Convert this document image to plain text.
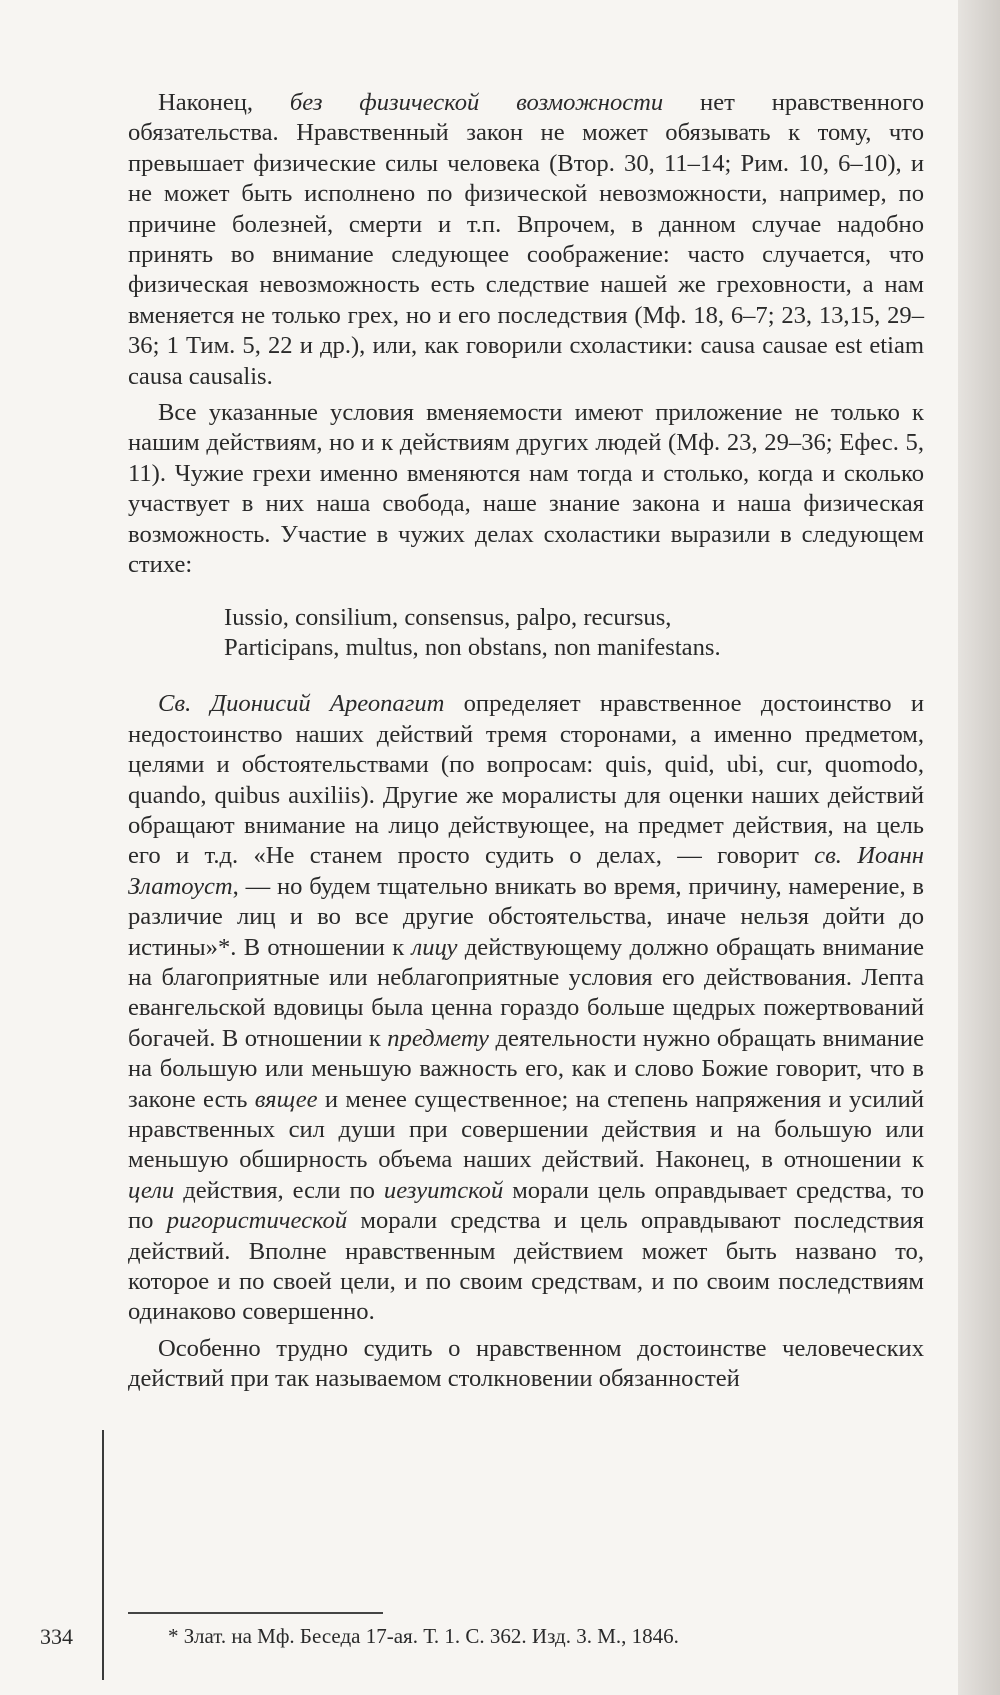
Наконец, без физической возможности нет нравственного обязательства. Нравственный закон не может обязывать к тому, что превышает физические силы человека (Втор. 30, 11–14; Рим. 10, 6–10), и не может быть исполнено по физической невозможности, например, по причине болезней, смерти и т.п. Впрочем, в данном случае надобно принять во внимание следующее соображение: часто случается, что физическая невозможность есть следствие нашей же греховности, а нам вменяется не только грех, но и его последствия (Мф. 18, 6–7; 23, 13,15, 29–36; 1 Тим. 5, 22 и др.), или, как говорили схоластики: causa causae est etiam causa causalis.

Все указанные условия вменяемости имеют приложение не только к нашим действиям, но и к действиям других людей (Мф. 23, 29–36; Ефес. 5, 11). Чужие грехи именно вменяются нам тогда и столько, когда и сколько участвует в них наша свобода, наше знание закона и наша физическая возможность. Участие в чужих делах схоластики выразили в следующем стихе:

Iussio, consilium, consensus, palpo, recursus,
Participans, multus, non obstans, non manifestans.

Св. Дионисий Ареопагит определяет нравственное достоинство и недостоинство наших действий тремя сторонами, а именно предметом, целями и обстоятельствами (по вопросам: quis, quid, ubi, cur, quomodo, quando, quibus auxiliis). Другие же моралисты для оценки наших действий обращают внимание на лицо действующее, на предмет действия, на цель его и т.д. «Не станем просто судить о делах, — говорит св. Иоанн Златоуст, — но будем тщательно вникать во время, причину, намерение, в различие лиц и во все другие обстоятельства, иначе нельзя дойти до истины»*. В отношении к лицу действующему должно обращать внимание на благоприятные или неблагоприятные условия его действования. Лепта евангельской вдовицы была ценна гораздо больше щедрых пожертвований богачей. В отношении к предмету деятельности нужно обращать внимание на большую или меньшую важность его, как и слово Божие говорит, что в законе есть вящее и менее существенное; на степень напряжения и усилий нравственных сил души при совершении действия и на большую или меньшую обширность объема наших действий. Наконец, в отношении к цели действия, если по иезуитской морали цель оправдывает средства, то по ригористической морали средства и цель оправдывают последствия действий. Вполне нравственным действием может быть названо то, которое и по своей цели, и по своим средствам, и по своим последствиям одинаково совершенно.

Особенно трудно судить о нравственном достоинстве человеческих действий при так называемом столкновении обязанностей

334	* Злат. на Мф. Беседа 17-ая. Т. 1. С. 362. Изд. 3. М., 1846.
